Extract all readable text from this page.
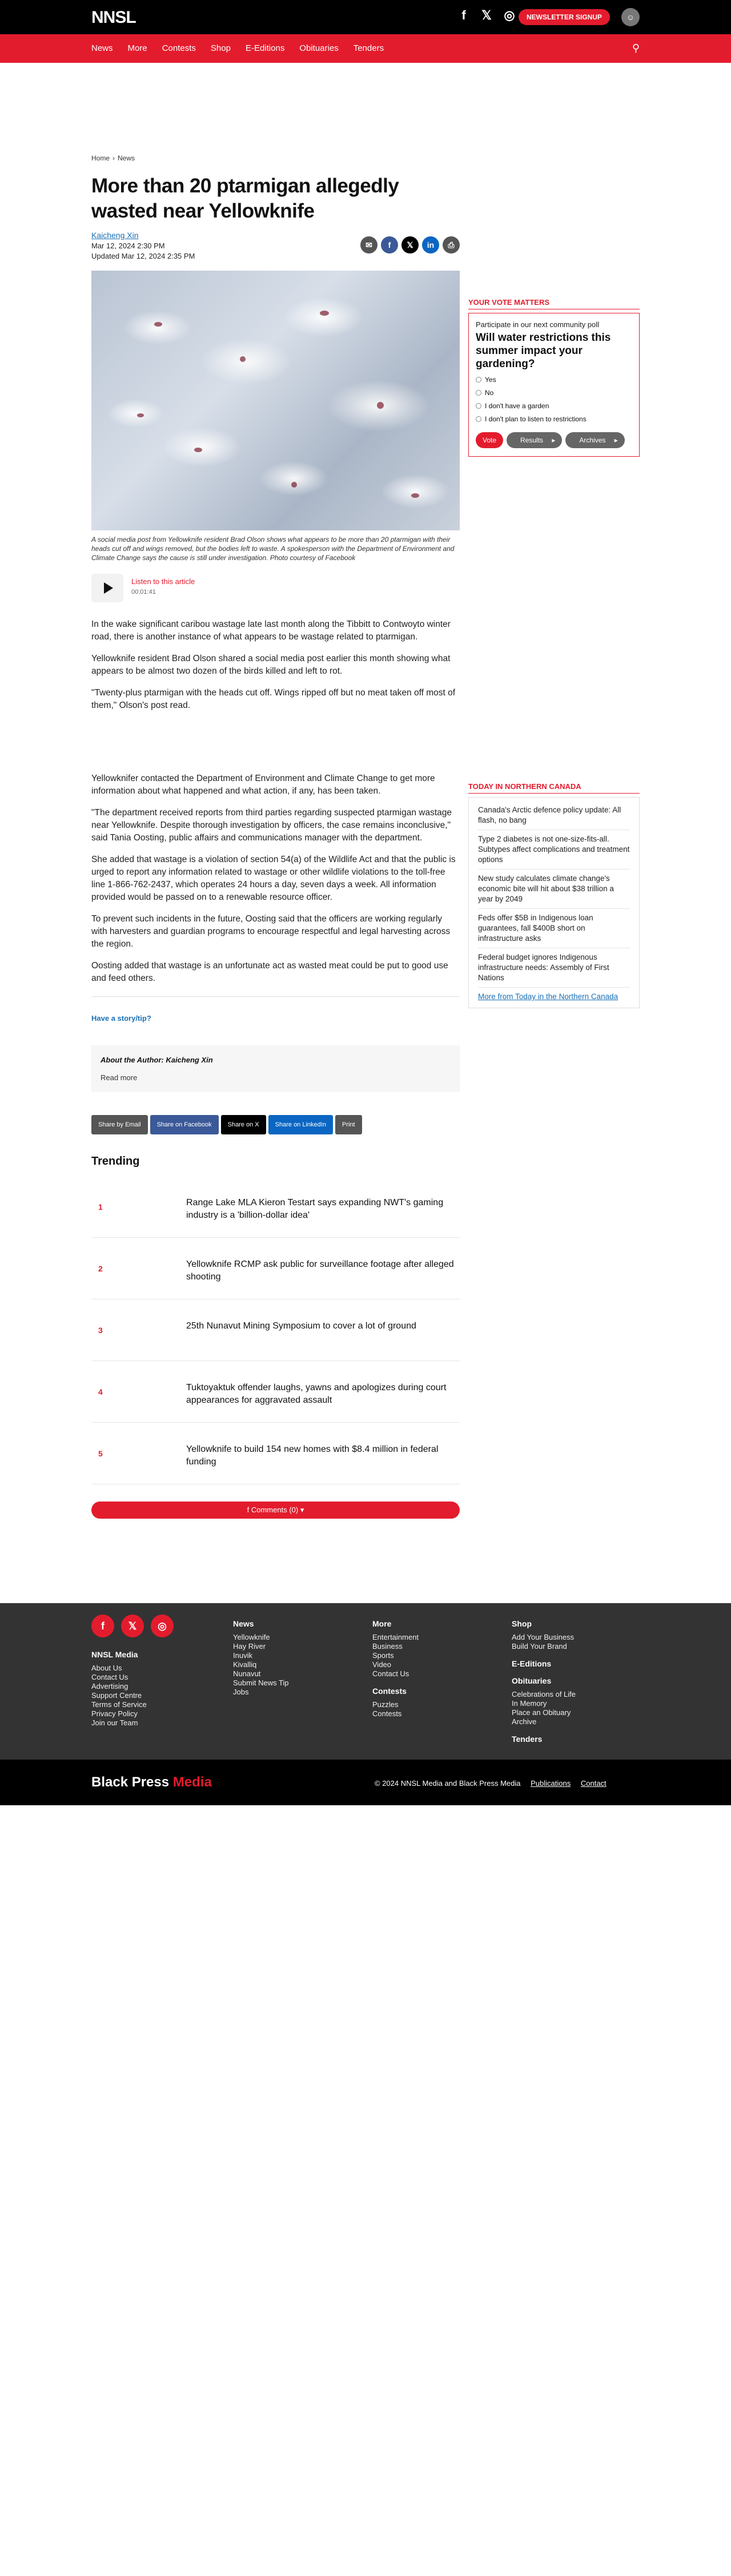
NNSL	f	𝕏 ◎	NEWSLETTER SIGNUP	☺
News More Contests Shop E-Editions Obituaries Tenders	⚲
Home › News
More than 20 ptarmigan allegedly wasted near Yellowknife
Kaicheng Xin
Mar 12, 2024 2:30 PM
Updated Mar 12, 2024 2:35 PM
✉	f	𝕏	in	⎙

A social media post from Yellowknife resident Brad Olson shows what appears to be more than 20 ptarmigan with their heads cut off and wings removed, but the bodies left to waste. A spokesperson with the Department of Environment and Climate Change says the cause is still under investigation. Photo courtesy of Facebook

Listen to this article
00:01:41

In the wake significant caribou wastage late last month along the Tibbitt to Contwoyto winter road, there is another instance of what appears to be wastage related to ptarmigan.

Yellowknife resident Brad Olson shared a social media post earlier this month showing what appears to be almost two dozen of the birds killed and left to rot.

"Twenty-plus ptarmigan with the heads cut off. Wings ripped off but no meat taken off most of them," Olson's post read.

Yellowknifer contacted the Department of Environment and Climate Change to get more information about what happened and what action, if any, has been taken.

"The department received reports from third parties regarding suspected ptarmigan wastage near Yellowknife. Despite thorough investigation by officers, the case remains inconclusive," said Tania Oosting, public affairs and communications manager with the department.

She added that wastage is a violation of section 54(a) of the Wildlife Act and that the public is urged to report any information related to wastage or other wildlife violations to the toll-free line 1-866-762-2437, which operates 24 hours a day, seven days a week. All information provided would be passed on to a renewable resource officer.

To prevent such incidents in the future, Oosting said that the officers are working regularly with harvesters and guardian programs to encourage respectful and legal harvesting across the region.

Oosting added that wastage is an unfortunate act as wasted meat could be put to good use and feed others.

Have a story/tip?
About the Author: Kaicheng Xin
Read more
Share by Email	Share on Facebook	Share on X	Share on LinkedIn	Print
Trending
1	Range Lake MLA Kieron Testart says expanding NWT's gaming industry is a 'billion-dollar idea'
2	Yellowknife RCMP ask public for surveillance footage after alleged shooting
3	25th Nunavut Mining Symposium to cover a lot of ground
4	Tuktoyaktuk offender laughs, yawns and apologizes during court appearances for aggravated assault
5	Yellowknife to build 154 new homes with $8.4 million in federal funding
f Comments (0) ▾
YOUR VOTE MATTERS
Participate in our next community poll
Will water restrictions this summer impact your gardening?
Yes
No
I don't have a garden
I don't plan to listen to restrictions
Vote	Results ▸	Archives ▸
TODAY IN NORTHERN CANADA
Canada's Arctic defence policy update: All flash, no bang
Type 2 diabetes is not one-size-fits-all. Subtypes affect complications and treatment options
New study calculates climate change's economic bite will hit about $38 trillion a year by 2049
Feds offer $5B in Indigenous loan guarantees, fall $400B short on infrastructure asks
Federal budget ignores Indigenous infrastructure needs: Assembly of First Nations
More from Today in the Northern Canada
f	𝕏	◎
NNSL Media
About Us
Contact Us
Advertising
Support Centre
Terms of Service
Privacy Policy
Join our Team
News
Yellowknife
Hay River
Inuvik
Kivalliq
Nunavut
Submit News Tip
Jobs
More
Entertainment
Business
Sports
Video
Contact Us
Contests
Puzzles
Contests
Shop
Add Your Business
Build Your Brand
E-Editions
Obituaries
Celebrations of Life
In Memory
Place an Obituary
Archive
Tenders
Black Press Media	© 2024 NNSL Media and Black Press Media Publications Contact
